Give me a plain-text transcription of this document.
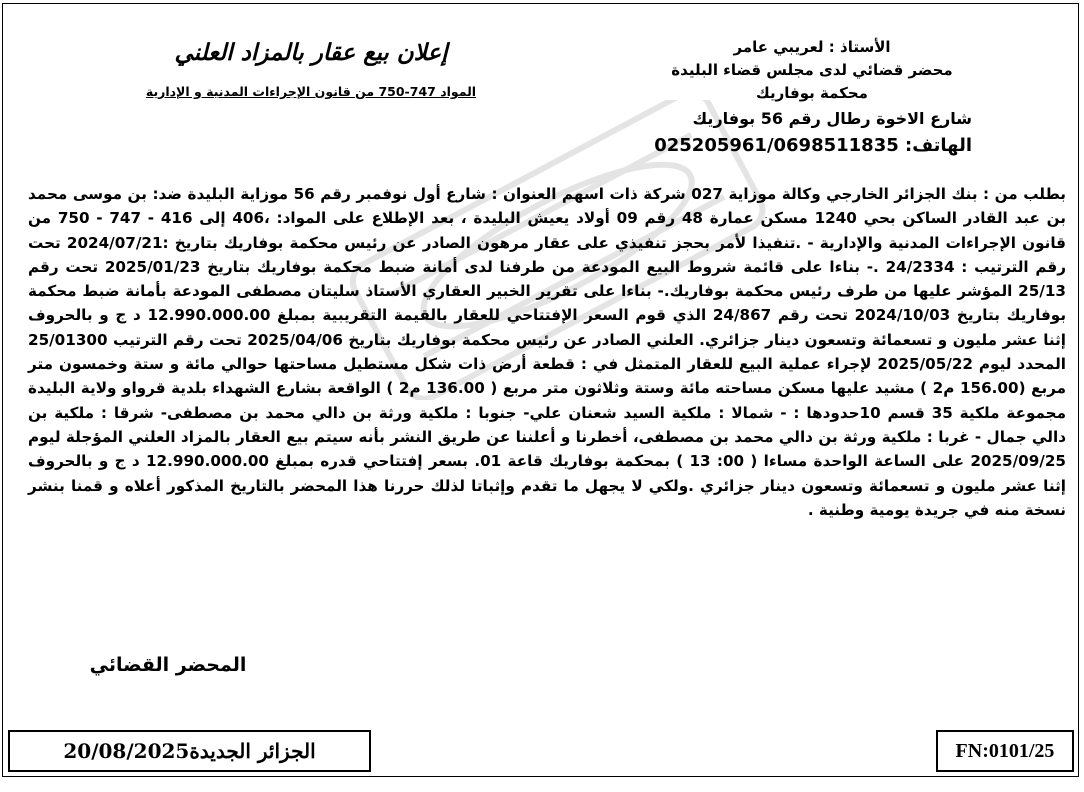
الأستاذ : لعريبي عامر
محضر قضائي لدى مجلس قضاء البليدة
محكمة بوفاريك
شارع الاخوة رطال رقم 56 بوفاريك
الهاتف: 025205961/0698511835
إعلان بيع عقار بالمزاد العلني
المواد 747-750 من قانون الإجراءات المدنية و الإدارية
بطلب من : بنك الجزائر الخارجي وكالة موزاية 027 شركة ذات اسهم العنوان : شارع أول نوفمبر رقم 56 موزاية البليدة ضد: بن موسى محمد بن عبد القادر الساكن بحي 1240 مسكن عمارة 48 رقم 09 أولاد يعيش البليدة ، بعد الإطلاع على المواد: ،406 إلى 416 - 747 - 750 من قانون الإجراءات المدنية والإدارية - .تنفيذا لأمر بحجز تنفيذي على عقار مرهون الصادر عن رئيس محكمة بوفاريك بتاريخ :2024/07/21 تحت رقم الترتيب : 24/2334 .- بناءا على قائمة شروط البيع المودعة من طرفنا لدى أمانة ضبط محكمة بوفاريك بتاريخ 2025/01/23 تحت رقم 25/13 المؤشر عليها من طرف رئيس محكمة بوفاريك.- بناءا على تقرير الخبير العقاري الأستاذ سليتان مصطفى المودعة بأمانة ضبط محكمة بوفاريك بتاريخ 2024/10/03 تحت رقم 24/867 الذي قوم السعر الإفتتاحي للعقار بالقيمة التقريبية بمبلغ 12.990.000.00 د ج و بالحروف إثنا عشر مليون و تسعمائة وتسعون دينار جزائري. العلني الصادر عن رئيس محكمة بوفاريك بتاريخ 2025/04/06 تحت رقم الترتيب 25/01300 المحدد ليوم 2025/05/22 لإجراء عملية البيع للعقار المتمثل في : قطعة أرض ذات شكل مستطيل مساحتها حوالي مائة و ستة وخمسون متر مربع (156.00 م2 ) مشيد عليها مسكن مساحته مائة وستة وثلاثون متر مربع ( 136.00 م2 ) الواقعة بشارع الشهداء بلدية قرواو ولاية البليدة مجموعة ملكية 35 قسم 10حدودها : - شمالا : ملكية السيد شعنان علي- جنوبا : ملكية ورثة بن دالي محمد بن مصطفى- شرقا : ملكية بن دالي جمال - غربا : ملكية ورثة بن دالي محمد بن مصطفى، أخطرنا و أعلننا عن طريق النشر بأنه سيتم بيع العقار بالمزاد العلني المؤجلة ليوم 2025/09/25 على الساعة الواحدة مساءا ( 00: 13 ) بمحكمة بوفاريك قاعة 01. بسعر إفتتاحي قدره بمبلغ 12.990.000.00 د ج و بالحروف إثنا عشر مليون و تسعمائة وتسعون دينار جزائري .ولكي لا يجهل ما تقدم وإثباتا لذلك حررنا هذا المحضر بالتاريخ المذكور أعلاه و قمنا بنشر نسخة منه في جريدة يومية وطنية .
المحضر القضائي
الجزائر الجديدة20/08/2025	FN:0101/25
